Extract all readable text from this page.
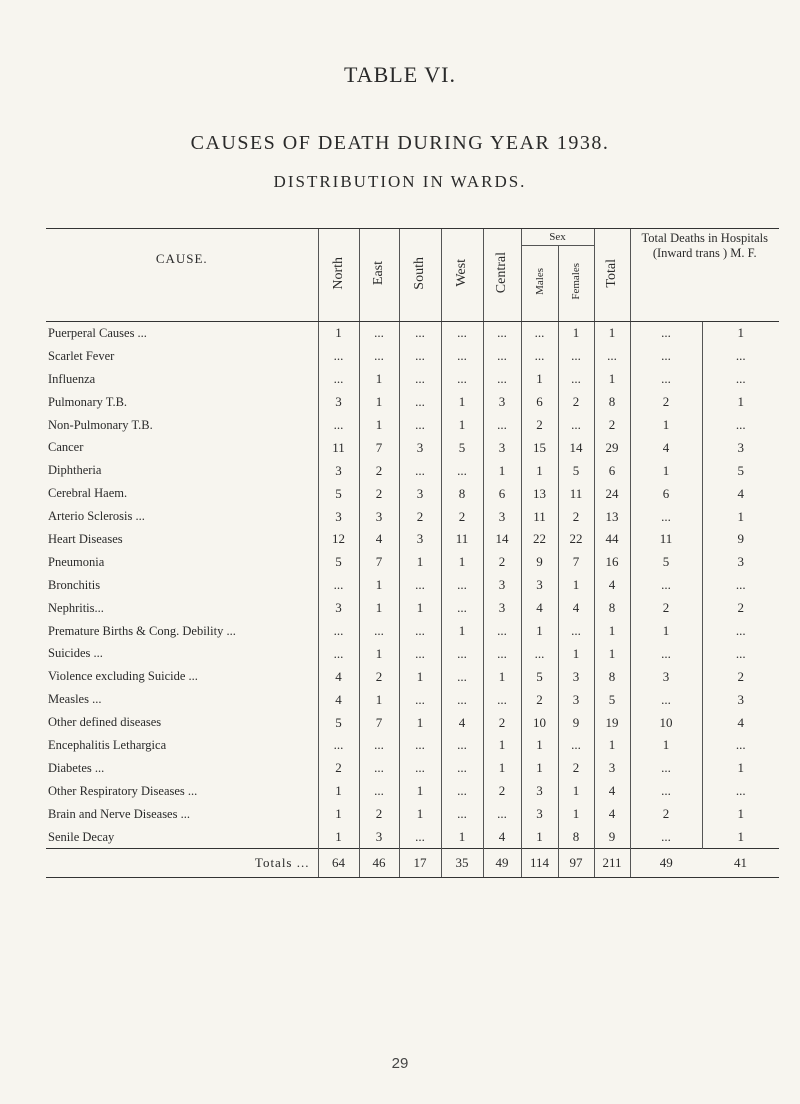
TABLE VI.
CAUSES OF DEATH DURING YEAR 1938.
DISTRIBUTION IN WARDS.
CAUSE.	North	East	South	West	Central	Sex		Total	Total Deaths in Hospitals (Inward trans ) M. F.	
						Males	Females			
Puerperal Causes ...	1	...	...	...	...	...	1	1	...	1
Scarlet Fever	...	...	...	...	...	...	...	...	...	...
Influenza	...	1	...	...	...	1	...	1	...	...
Pulmonary T.B.	3	1	...	1	3	6	2	8	2	1
Non-Pulmonary T.B.	...	1	...	1	...	2	...	2	1	...
Cancer	11	7	3	5	3	15	14	29	4	3
Diphtheria	3	2	...	...	1	1	5	6	1	5
Cerebral Haem.	5	2	3	8	6	13	11	24	6	4
Arterio Sclerosis ...	3	3	2	2	3	11	2	13	...	1
Heart Diseases	12	4	3	11	14	22	22	44	11	9
Pneumonia	5	7	1	1	2	9	7	16	5	3
Bronchitis	...	1	...	...	3	3	1	4	...	...
Nephritis...	3	1	1	...	3	4	4	8	2	2
Premature Births & Cong. Debility ...	...	...	...	1	...	1	...	1	1	...
Suicides ...	...	1	...	...	...	...	1	1	...	...
Violence excluding Suicide ...	4	2	1	...	1	5	3	8	3	2
Measles ...	4	1	...	...	...	2	3	5	...	3
Other defined diseases	5	7	1	4	2	10	9	19	10	4
Encephalitis Lethargica	...	...	...	...	1	1	...	1	1	...
Diabetes ...	2	...	...	...	1	1	2	3	...	1
Other Respiratory Diseases ...	1	...	1	...	2	3	1	4	...	...
Brain and Nerve Diseases ...	1	2	1	...	...	3	1	4	2	1
Senile Decay	1	3	...	1	4	1	8	9	...	1
Totals ...	64	46	17	35	49	114	97	211	49	41
29
